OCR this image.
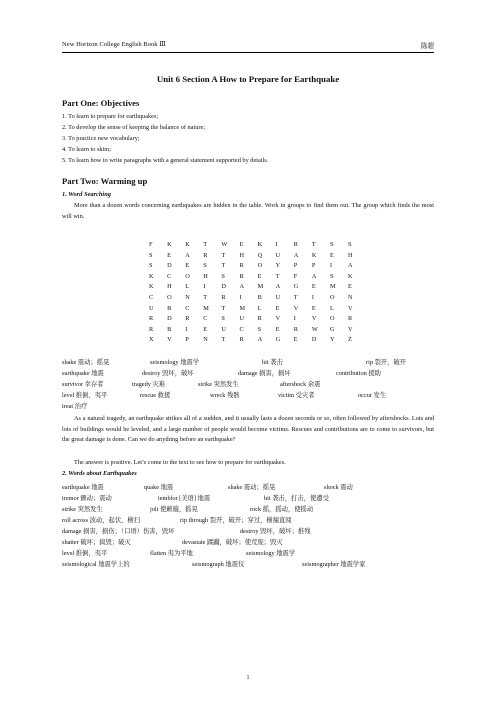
New Horizon College English Book Ⅲ	陈超
Unit 6 Section A How to Prepare for Earthquake
Part One: Objectives
1. To learn to prepare for earthquakes;
2. To develop the sense of keeping the balance of nature;
3. To practice new vocabulary;
4. To learn to skim;
5. To learn how to write paragraphs with a general statement supported by details.
Part Two: Warming up
1. Word Searching
More than a dozen words concerning earthquakes are hidden in the table. Work in groups to find them out. The group which finds the most will win.
F	K	K	T	W	E	K	I	R	T	S	S
S	E	A	R	T	H	Q	U	A	K	E	H
S	D	E	S	T	R	O	Y	P	P	I	A
K	C	O	H	S	R	E	T	F	A	S	K
K	H	L	I	D	A	M	A	G	E	M	E
C	O	N	T	R	I	B	U	T	I	O	N
U	B	C	M	T	M	L	E	V	E	L	V
R	D	R	C	S	U	R	V	I	V	O	R
R	B	I	E	U	C	S	E	R	W	G	V
X	V	P	N	T	R	A	G	E	D	Y	Z
shake 震动；摇晃	seismology 地震学	hit 袭击	rip 裂开，破开
earthquake 地震	destroy 毁坏，破坏	damage 损害，损坏	contribution 援助
survivor 幸存者	tragedy 灾难	strike 突然发生	aftershock 余震
level 推倒，夷平	rescue 救援	wreck 残骸	victim 受灾者	occur 发生
treat 治疗
As a natural tragedy, an earthquake strikes all of a sudden, and it usually lasts a dozen seconds or so, often followed by aftershocks. Lots and lots of buildings would be leveled, and a large number of people would become victims. Rescues and contributions are to come to survivors, but the great damage is done. Can we do anything before an earthquake?
The answer is positive. Let’s come to the text to see how to prepare for earthquakes.
2. Words about Earthquakes
earthquake 地震	quake 地震	shake 震动；摇晃	shock 震动
tremor 颤动；震动	temblor [美语] 地震	hit 袭击，打击，使遭受
strike 突然发生	jolt 使颠簸，摇晃	rock 摇，摇动，使摇动
roll across 波动，起伏，横扫	rip through 裂开，破开；穿过，横撞直闯
damage 损害，损伤；（口语）伤害，毁坏	destroy 毁坏，破坏；推残
shatter 破坏；捣毁；破灭	devastate 蹂躏，破坏；使荒废；毁灭
level 推倒，夷平	flatten 夷为平地	seismology 地震学
seismological 地震学上的	seismograph 地震仪	seismographer 地震学家
1
